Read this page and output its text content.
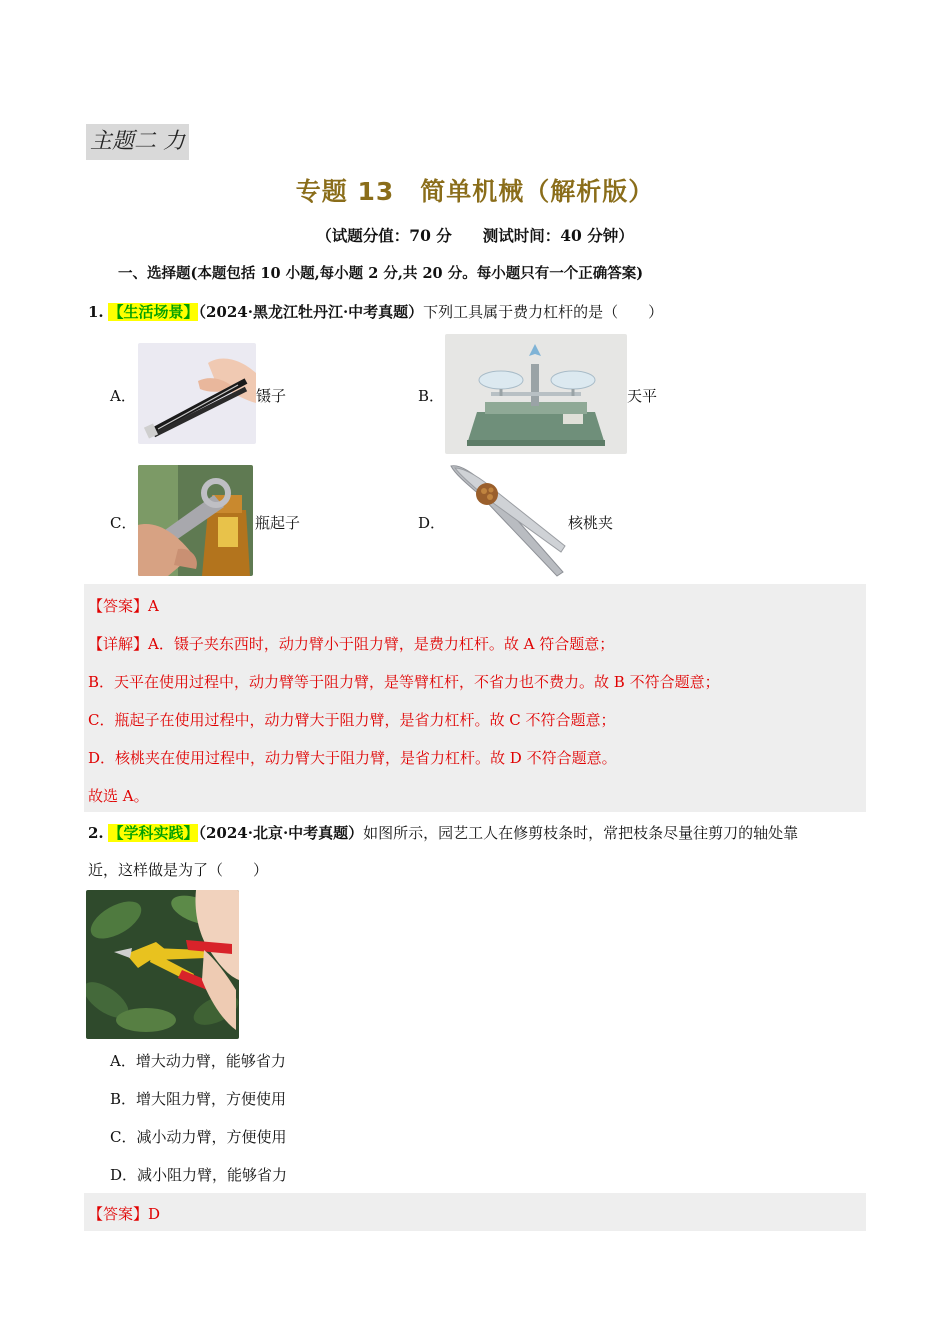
主题二 力
专题 13　简单机械（解析版）
（试题分值：70 分　　测试时间：40 分钟）
一、选择题(本题包括 10 小题,每小题 2 分,共 20 分。每小题只有一个正确答案)
1. 【生活场景】（2024·黑龙江牡丹江·中考真题）下列工具属于费力杠杆的是（　　）
A．	镊子	B．	天平
C．	瓶起子	D．	核桃夹
【答案】A
【详解】A．镊子夹东西时，动力臂小于阻力臂，是费力杠杆。故 A 符合题意；
B．天平在使用过程中，动力臂等于阻力臂，是等臂杠杆，不省力也不费力。故 B 不符合题意；
C．瓶起子在使用过程中，动力臂大于阻力臂，是省力杠杆。故 C 不符合题意；
D．核桃夹在使用过程中，动力臂大于阻力臂，是省力杠杆。故 D 不符合题意。
故选 A。
2. 【学科实践】（2024·北京·中考真题）如图所示，园艺工人在修剪枝条时，常把枝条尽量往剪刀的轴处靠
近，这样做是为了（　　）
A．增大动力臂，能够省力
B．增大阻力臂，方便使用
C．减小动力臂，方便使用
D．减小阻力臂，能够省力
【答案】D
